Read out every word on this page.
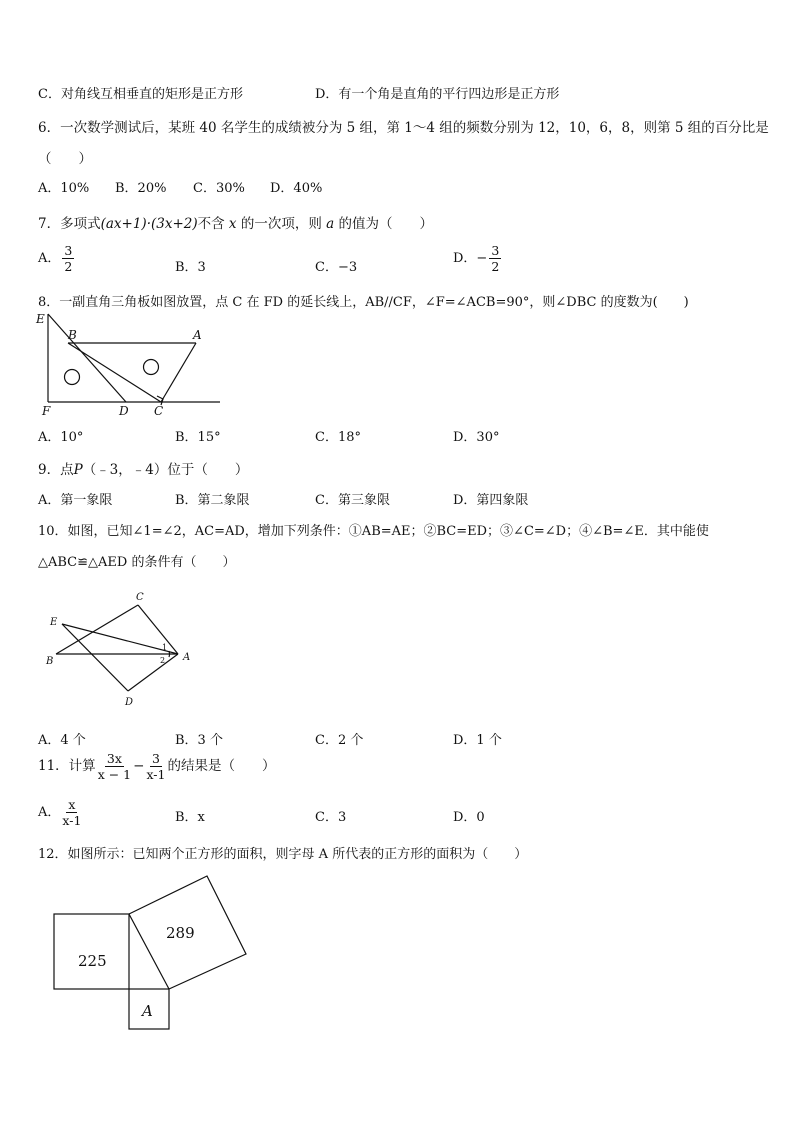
C．对角线互相垂直的矩形是正方形	D．有一个角是直角的平行四边形是正方形
6．一次数学测试后，某班 40 名学生的成绩被分为 5 组，第 1～4 组的频数分别为 12，10，6，8，则第 5 组的百分比是
（　　）
A．10% B．20% C．30% D．40%
7．多项式(ax+1)·(3x+2)不含 x 的一次项，则 a 的值为（　　）
A． $\frac{3}{2}$	B．3	C．−3
D．− $\frac{3}{2}$
8．一副直角三角板如图放置，点 C 在 FD 的延长线上，AB//CF，∠F=∠ACB=90°，则∠DBC 的度数为(　　)
E
B	A
F	D C
A．10°	B．15°	C．18°	D．30°
9．点P（﹣3，﹣4）位于（　　）
A．第一象限	B．第二象限	C．第三象限	D．第四象限
10．如图，已知∠1=∠2，AC=AD，增加下列条件：①AB=AE；②BC=ED；③∠C=∠D；④∠B=∠E．其中能使
△ABC≌△AED 的条件有（　　）
C
E
B	A
D
1
2
A．4 个	B．3 个	C．2 个	D．1 个
11．计算 $\frac{3x}{x - 1} - \frac{3}{x-1}$ 的结果是（　　）
A． $\frac{x}{x-1}$	B．x	C．3	D．0
12．如图所示：已知两个正方形的面积，则字母 A 所代表的正方形的面积为（　　）
225
289
A
